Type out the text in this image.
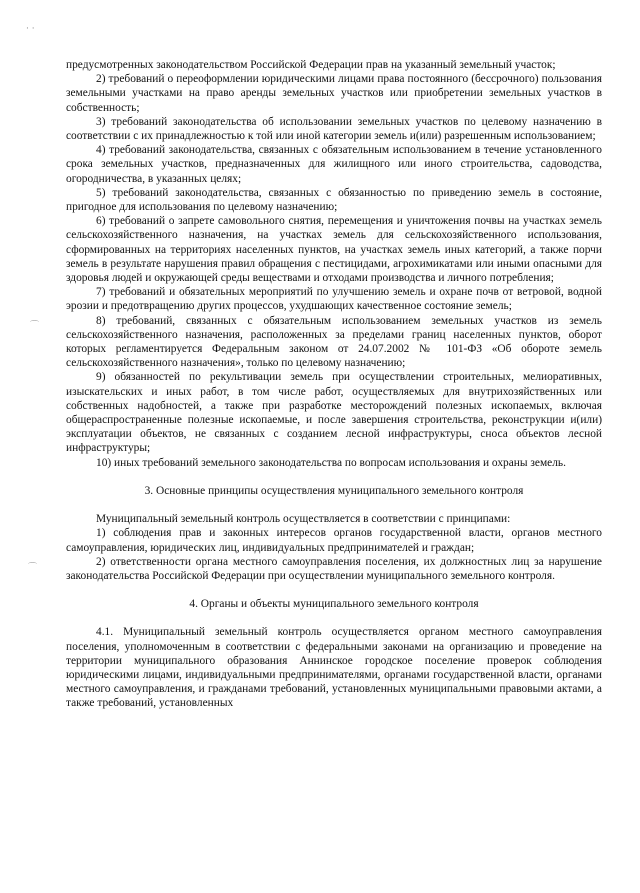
· ·
⌒
⌒

предусмотренных законодательством Российской Федерации прав на указанный земельный участок;

2) требований о переоформлении юридическими лицами права постоянного (бессрочного) пользования земельными участками на право аренды земельных участков или приобретении земельных участков в собственность;

3) требований законодательства об использовании земельных участков по целевому назначению в соответствии с их принадлежностью к той или иной категории земель и(или) разрешенным использованием;

4) требований законодательства, связанных с обязательным использованием в течение установленного срока земельных участков, предназначенных для жилищного или иного строительства, садоводства, огородничества, в указанных целях;

5) требований законодательства, связанных с обязанностью по приведению земель в состояние, пригодное для использования по целевому назначению;

6) требований о запрете самовольного снятия, перемещения и уничтожения почвы на участках земель сельскохозяйственного назначения, на участках земель для сельскохозяйственного использования, сформированных на территориях населенных пунктов, на участках земель иных категорий, а также порчи земель в результате нарушения правил обращения с пестицидами, агрохимикатами или иными опасными для здоровья людей и окружающей среды веществами и отходами производства и личного потребления;

7) требований и обязательных мероприятий по улучшению земель и охране почв от ветровой, водной эрозии и предотвращению других процессов, ухудшающих качественное состояние земель;

8) требований, связанных с обязательным использованием земельных участков из земель сельскохозяйственного назначения, расположенных за пределами границ населенных пунктов, оборот которых регламентируется Федеральным законом от 24.07.2002 № 101-ФЗ «Об обороте земель сельскохозяйственного назначения», только по целевому назначению;

9) обязанностей по рекультивации земель при осуществлении строительных, мелиоративных, изыскательских и иных работ, в том числе работ, осуществляемых для внутрихозяйственных или собственных надобностей, а также при разработке месторождений полезных ископаемых, включая общераспространенные полезные ископаемые, и после завершения строительства, реконструкции и(или) эксплуатации объектов, не связанных с созданием лесной инфраструктуры, сноса объектов лесной инфраструктуры;

10) иных требований земельного законодательства по вопросам использования и охраны земель.

3. Основные принципы осуществления муниципального земельного контроля

Муниципальный земельный контроль осуществляется в соответствии с принципами:

1) соблюдения прав и законных интересов органов государственной власти, органов местного самоуправления, юридических лиц, индивидуальных предпринимателей и граждан;

2) ответственности органа местного самоуправления поселения, их должностных лиц за нарушение законодательства Российской Федерации при осуществлении муниципального земельного контроля.

4. Органы и объекты муниципального земельного контроля

4.1. Муниципальный земельный контроль осуществляется органом местного самоуправления поселения, уполномоченным в соответствии с федеральными законами на организацию и проведение на территории муниципального образования Аннинское городское поселение проверок соблюдения юридическими лицами, индивидуальными предпринимателями, органами государственной власти, органами местного самоуправления, и гражданами требований, установленных муниципальными правовыми актами, а также требований, установленных
